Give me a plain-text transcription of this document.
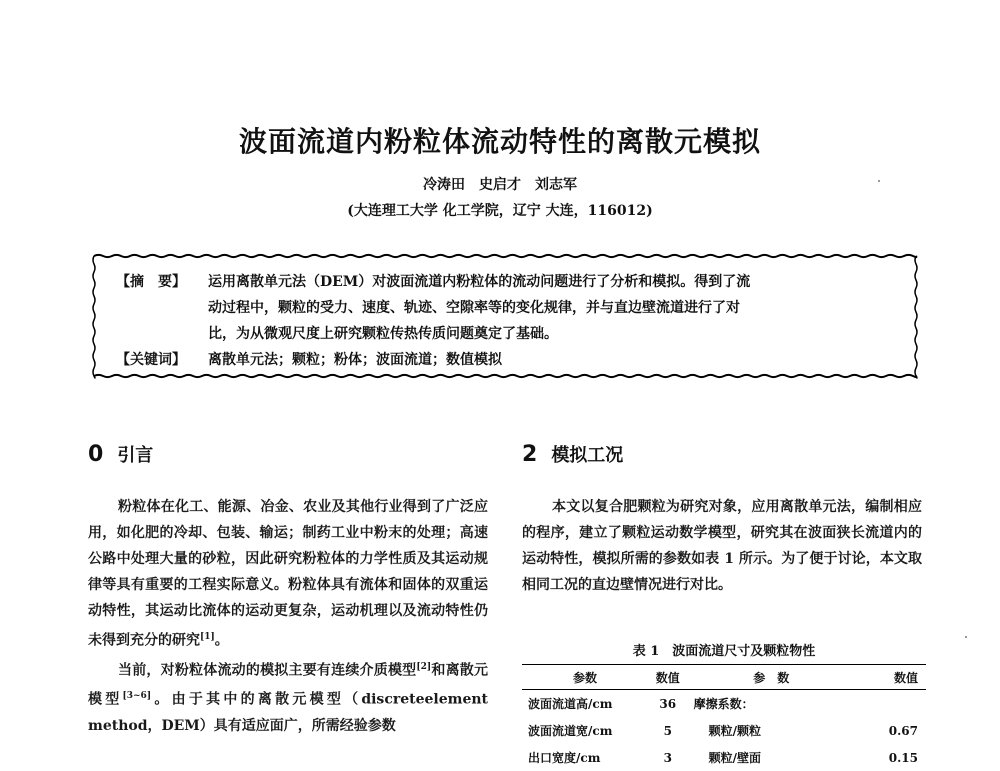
波面流道内粉粒体流动特性的离散元模拟
冷涛田　史启才　刘志军
(大连理工大学 化工学院，辽宁 大连，116012)
【摘　要】 运用离散单元法（DEM）对波面流道内粉粒体的流动问题进行了分析和模拟。得到了流
动过程中，颗粒的受力、速度、轨迹、空隙率等的变化规律，并与直边壁流道进行了对
比，为从微观尺度上研究颗粒传热传质问题奠定了基础。
【关键词】 离散单元法；颗粒；粉体；波面流道；数值模拟
0 引言

粉粒体在化工、能源、冶金、农业及其他行业得到了广泛应用，如化肥的冷却、包装、输运；制药工业中粉末的处理；高速公路中处理大量的砂粒，因此研究粉粒体的力学性质及其运动规律等具有重要的工程实际意义。粉粒体具有流体和固体的双重运动特性，其运动比流体的运动更复杂，运动机理以及流动特性仍未得到充分的研究[1]。

当前，对粉粒体流动的模拟主要有连续介质模型[2]和离散元模型[3~6]。由于其中的离散元模型（discreteelement method，DEM）具有适应面广，所需经验参数

2 模拟工况

本文以复合肥颗粒为研究对象，应用离散单元法，编制相应的程序，建立了颗粒运动数学模型，研究其在波面狭长流道内的运动特性，模拟所需的参数如表 1 所示。为了便于讨论，本文取相同工况的直边壁情况进行对比。

表 1　波面流道尺寸及颗粒物性
参数	数值	参　数	数值
波面流道高/cm	36	摩擦系数：	
波面流道宽/cm	5	颗粒/颗粒	0.67
出口宽度/cm	3	颗粒/壁面	0.15
